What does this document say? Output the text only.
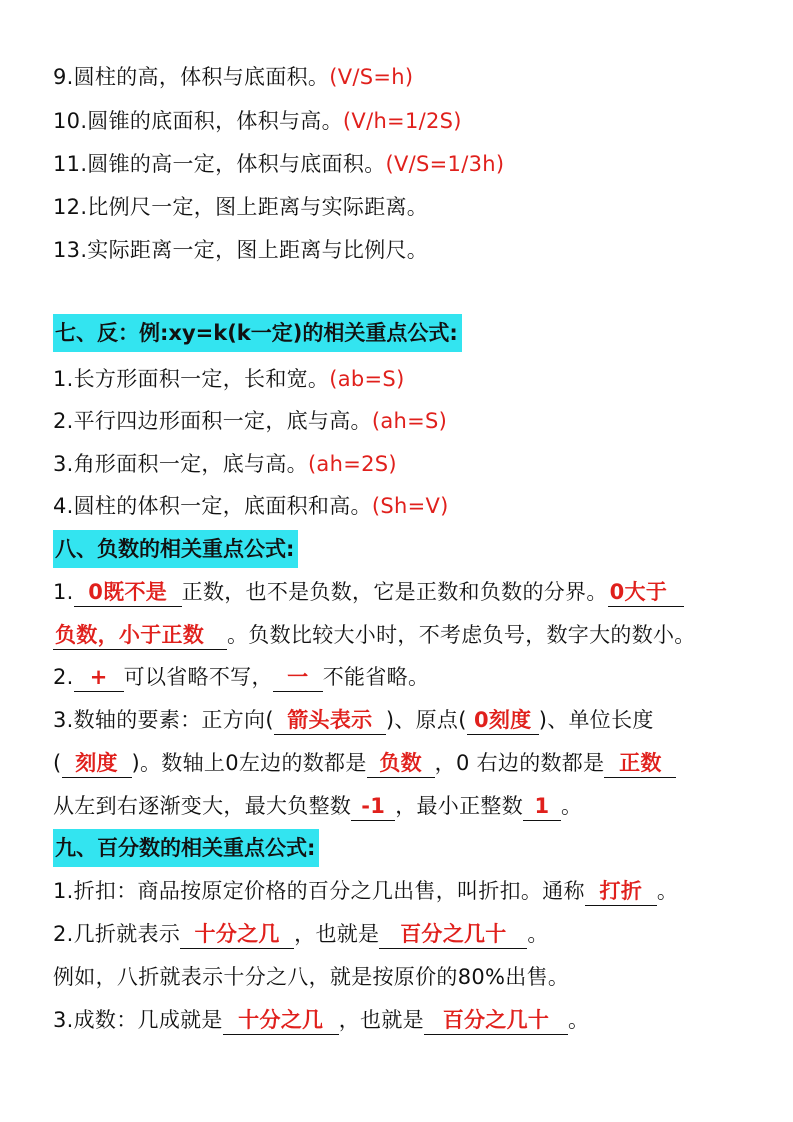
9.圆柱的高，体积与底面积。(V/S=h)
10.圆锥的底面积，体积与高。(V/h=1/2S)
11.圆锥的高一定，体积与底面积。(V/S=1/3h)
12.比例尺一定，图上距离与实际距离。
13.实际距离一定，图上距离与比例尺。
七、反：例:xy=k(k一定)的相关重点公式:
1.长方形面积一定，长和宽。(ab=S)
2.平行四边形面积一定，底与高。(ah=S)
3.角形面积一定，底与高。(ah=2S)
4.圆柱的体积一定，底面积和高。(Sh=V)
八、负数的相关重点公式:
1. 0既不是 正数，也不是负数，它是正数和负数的分界。0大于
负数，小于正数 。负数比较大小时，不考虑负号，数字大的数小。
2. + 可以省略不写， 一 不能省略。
3.数轴的要素：正方向( 箭头表示 )、原点( 0刻度 )、单位长度
( 刻度 )。数轴上0左边的数都是 负数 ，0 右边的数都是 正数
从左到右逐渐变大，最大负整数 -1 ，最小正整数 1 。
九、百分数的相关重点公式:
1.折扣：商品按原定价格的百分之几出售，叫折扣。通称 打折 。
2.几折就表示 十分之几 ，也就是 百分之几十 。
例如，八折就表示十分之八，就是按原价的80%出售。
3.成数：几成就是 十分之几 ，也就是 百分之几十 。
